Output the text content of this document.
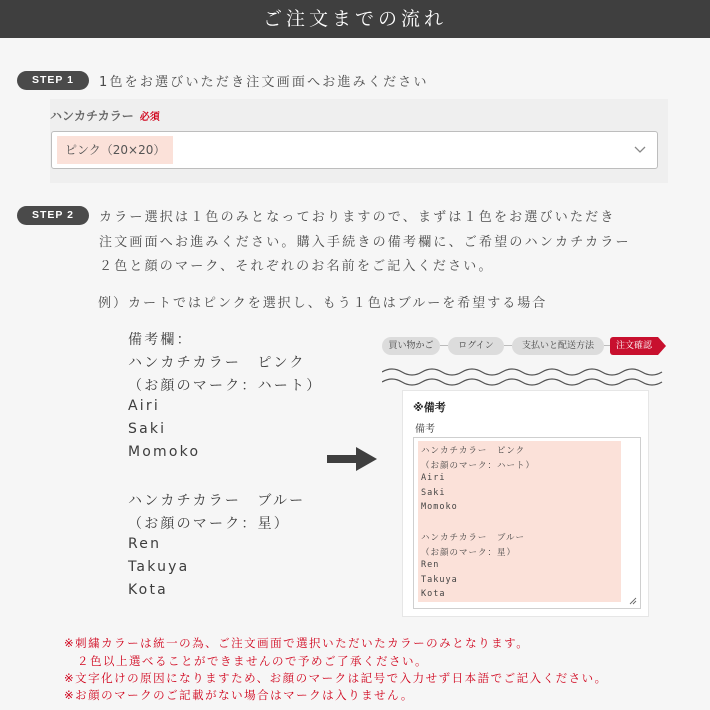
ご注文までの流れ
STEP 1	1色をお選びいただき注文画面へお進みください
ハンカチカラー 必須
ピンク（20×20）
STEP 2	カラー選択は１色のみとなっておりますので、まずは１色をお選びいただき
注文画面へお進みください。購入手続きの備考欄に、ご希望のハンカチカラー
２色と顔のマーク、それぞれのお名前をご記入ください。
例）カートではピンクを選択し、もう１色はブルーを希望する場合
備考欄：
ハンカチカラー　ピンク
（お顔のマーク：ハート）
Airi
Saki
Momoko
ハンカチカラー　ブルー
（お顔のマーク：星）
Ren
Takuya
Kota
買い物かご	ログイン	支払いと配送方法	注文確認
※備考
備考
ハンカチカラー　ピンク
（お顔のマーク：ハート）
Airi
Saki
Momoko
ハンカチカラー　ブルー
（お顔のマーク：星）
Ren
Takuya
Kota
※刺繍カラーは統一の為、ご注文画面で選択いただいたカラーのみとなります。
　２色以上選べることができませんので予めご了承ください。
※文字化けの原因になりますため、お顔のマークは記号で入力せず日本語でご記入ください。
※お顔のマークのご記載がない場合はマークは入りません。
